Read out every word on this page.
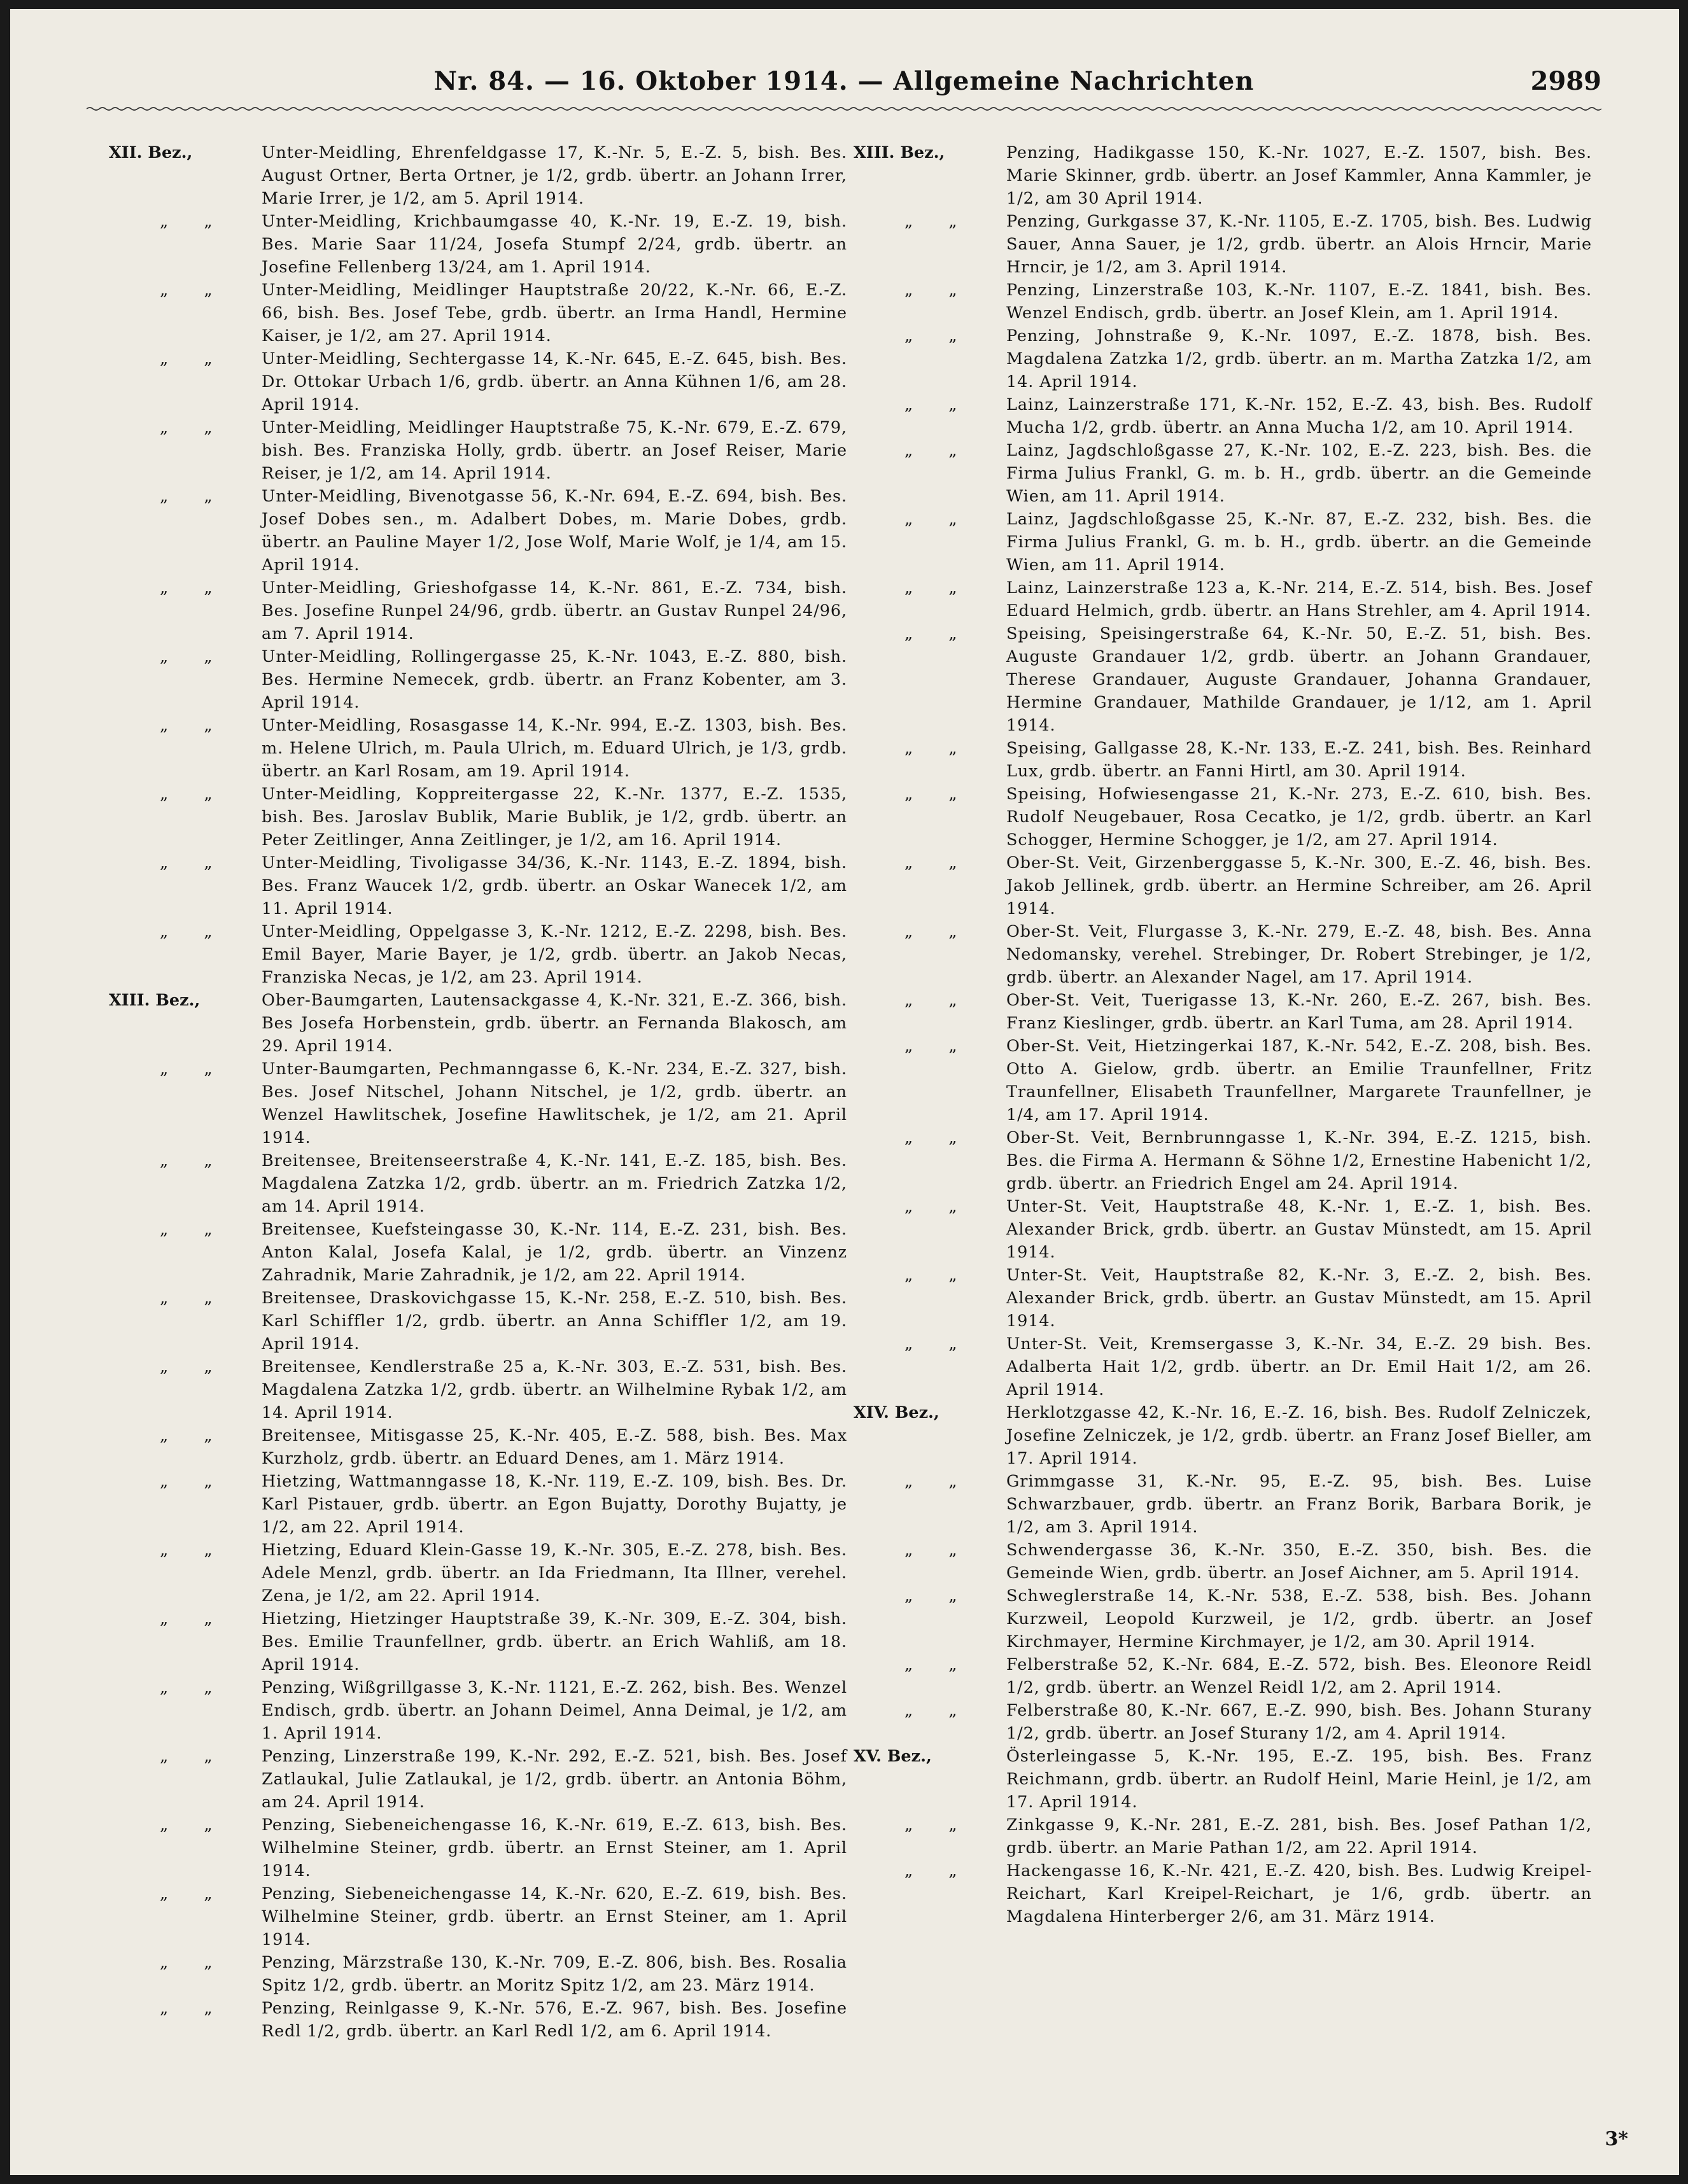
Nr. 84. — 16. Oktober 1914. — Allgemeine Nachrichten	2989
XII. Bez.,	Unter-Meidling, Ehrenfeldgasse 17, K.-Nr. 5, E.-Z. 5, bish. Bes. August Ortner, Berta Ortner, je 1/2, grdb. übertr. an Johann Irrer, Marie Irrer, je 1/2, am 5. April 1914.
„ „	Unter-Meidling, Krichbaumgasse 40, K.-Nr. 19, E.-Z. 19, bish. Bes. Marie Saar 11/24, Josefa Stumpf 2/24, grdb. übertr. an Josefine Fellenberg 13/24, am 1. April 1914.
„ „	Unter-Meidling, Meidlinger Hauptstraße 20/22, K.-Nr. 66, E.-Z. 66, bish. Bes. Josef Tebe, grdb. übertr. an Irma Handl, Hermine Kaiser, je 1/2, am 27. April 1914.
„ „	Unter-Meidling, Sechtergasse 14, K.-Nr. 645, E.-Z. 645, bish. Bes. Dr. Ottokar Urbach 1/6, grdb. übertr. an Anna Kühnen 1/6, am 28. April 1914.
„ „	Unter-Meidling, Meidlinger Hauptstraße 75, K.-Nr. 679, E.-Z. 679, bish. Bes. Franziska Holly, grdb. übertr. an Josef Reiser, Marie Reiser, je 1/2, am 14. April 1914.
„ „	Unter-Meidling, Bivenotgasse 56, K.-Nr. 694, E.-Z. 694, bish. Bes. Josef Dobes sen., m. Adalbert Dobes, m. Marie Dobes, grdb. übertr. an Pauline Mayer 1/2, Jose Wolf, Marie Wolf, je 1/4, am 15. April 1914.
„ „	Unter-Meidling, Grieshofgasse 14, K.-Nr. 861, E.-Z. 734, bish. Bes. Josefine Runpel 24/96, grdb. übertr. an Gustav Runpel 24/96, am 7. April 1914.
„ „	Unter-Meidling, Rollingergasse 25, K.-Nr. 1043, E.-Z. 880, bish. Bes. Hermine Nemecek, grdb. übertr. an Franz Kobenter, am 3. April 1914.
„ „	Unter-Meidling, Rosasgasse 14, K.-Nr. 994, E.-Z. 1303, bish. Bes. m. Helene Ulrich, m. Paula Ulrich, m. Eduard Ulrich, je 1/3, grdb. übertr. an Karl Rosam, am 19. April 1914.
„ „	Unter-Meidling, Koppreitergasse 22, K.-Nr. 1377, E.-Z. 1535, bish. Bes. Jaroslav Bublik, Marie Bublik, je 1/2, grdb. übertr. an Peter Zeitlinger, Anna Zeitlinger, je 1/2, am 16. April 1914.
„ „	Unter-Meidling, Tivoligasse 34/36, K.-Nr. 1143, E.-Z. 1894, bish. Bes. Franz Waucek 1/2, grdb. übertr. an Oskar Wanecek 1/2, am 11. April 1914.
„ „	Unter-Meidling, Oppelgasse 3, K.-Nr. 1212, E.-Z. 2298, bish. Bes. Emil Bayer, Marie Bayer, je 1/2, grdb. übertr. an Jakob Necas, Franziska Necas, je 1/2, am 23. April 1914.
XIII. Bez.,	Ober-Baumgarten, Lautensackgasse 4, K.-Nr. 321, E.-Z. 366, bish. Bes Josefa Horbenstein, grdb. übertr. an Fernanda Blakosch, am 29. April 1914.
„ „	Unter-Baumgarten, Pechmanngasse 6, K.-Nr. 234, E.-Z. 327, bish. Bes. Josef Nitschel, Johann Nitschel, je 1/2, grdb. übertr. an Wenzel Hawlitschek, Josefine Hawlitschek, je 1/2, am 21. April 1914.
„ „	Breitensee, Breitenseerstraße 4, K.-Nr. 141, E.-Z. 185, bish. Bes. Magdalena Zatzka 1/2, grdb. übertr. an m. Friedrich Zatzka 1/2, am 14. April 1914.
„ „	Breitensee, Kuefsteingasse 30, K.-Nr. 114, E.-Z. 231, bish. Bes. Anton Kalal, Josefa Kalal, je 1/2, grdb. übertr. an Vinzenz Zahradnik, Marie Zahradnik, je 1/2, am 22. April 1914.
„ „	Breitensee, Draskovichgasse 15, K.-Nr. 258, E.-Z. 510, bish. Bes. Karl Schiffler 1/2, grdb. übertr. an Anna Schiffler 1/2, am 19. April 1914.
„ „	Breitensee, Kendlerstraße 25 a, K.-Nr. 303, E.-Z. 531, bish. Bes. Magdalena Zatzka 1/2, grdb. übertr. an Wilhelmine Rybak 1/2, am 14. April 1914.
„ „	Breitensee, Mitisgasse 25, K.-Nr. 405, E.-Z. 588, bish. Bes. Max Kurzholz, grdb. übertr. an Eduard Denes, am 1. März 1914.
„ „	Hietzing, Wattmanngasse 18, K.-Nr. 119, E.-Z. 109, bish. Bes. Dr. Karl Pistauer, grdb. übertr. an Egon Bujatty, Dorothy Bujatty, je 1/2, am 22. April 1914.
„ „	Hietzing, Eduard Klein-Gasse 19, K.-Nr. 305, E.-Z. 278, bish. Bes. Adele Menzl, grdb. übertr. an Ida Friedmann, Ita Illner, verehel. Zena, je 1/2, am 22. April 1914.
„ „	Hietzing, Hietzinger Hauptstraße 39, K.-Nr. 309, E.-Z. 304, bish. Bes. Emilie Traunfellner, grdb. übertr. an Erich Wahliß, am 18. April 1914.
„ „	Penzing, Wißgrillgasse 3, K.-Nr. 1121, E.-Z. 262, bish. Bes. Wenzel Endisch, grdb. übertr. an Johann Deimel, Anna Deimal, je 1/2, am 1. April 1914.
„ „	Penzing, Linzerstraße 199, K.-Nr. 292, E.-Z. 521, bish. Bes. Josef Zatlaukal, Julie Zatlaukal, je 1/2, grdb. übertr. an Antonia Böhm, am 24. April 1914.
„ „	Penzing, Siebeneichengasse 16, K.-Nr. 619, E.-Z. 613, bish. Bes. Wilhelmine Steiner, grdb. übertr. an Ernst Steiner, am 1. April 1914.
„ „	Penzing, Siebeneichengasse 14, K.-Nr. 620, E.-Z. 619, bish. Bes. Wilhelmine Steiner, grdb. übertr. an Ernst Steiner, am 1. April 1914.
„ „	Penzing, Märzstraße 130, K.-Nr. 709, E.-Z. 806, bish. Bes. Rosalia Spitz 1/2, grdb. übertr. an Moritz Spitz 1/2, am 23. März 1914.
„ „	Penzing, Reinlgasse 9, K.-Nr. 576, E.-Z. 967, bish. Bes. Josefine Redl 1/2, grdb. übertr. an Karl Redl 1/2, am 6. April 1914.
XIII. Bez.,	Penzing, Hadikgasse 150, K.-Nr. 1027, E.-Z. 1507, bish. Bes. Marie Skinner, grdb. übertr. an Josef Kammler, Anna Kammler, je 1/2, am 30 April 1914.
„ „	Penzing, Gurkgasse 37, K.-Nr. 1105, E.-Z. 1705, bish. Bes. Ludwig Sauer, Anna Sauer, je 1/2, grdb. übertr. an Alois Hrncir, Marie Hrncir, je 1/2, am 3. April 1914.
„ „	Penzing, Linzerstraße 103, K.-Nr. 1107, E.-Z. 1841, bish. Bes. Wenzel Endisch, grdb. übertr. an Josef Klein, am 1. April 1914.
„ „	Penzing, Johnstraße 9, K.-Nr. 1097, E.-Z. 1878, bish. Bes. Magdalena Zatzka 1/2, grdb. übertr. an m. Martha Zatzka 1/2, am 14. April 1914.
„ „	Lainz, Lainzerstraße 171, K.-Nr. 152, E.-Z. 43, bish. Bes. Rudolf Mucha 1/2, grdb. übertr. an Anna Mucha 1/2, am 10. April 1914.
„ „	Lainz, Jagdschloßgasse 27, K.-Nr. 102, E.-Z. 223, bish. Bes. die Firma Julius Frankl, G. m. b. H., grdb. übertr. an die Gemeinde Wien, am 11. April 1914.
„ „	Lainz, Jagdschloßgasse 25, K.-Nr. 87, E.-Z. 232, bish. Bes. die Firma Julius Frankl, G. m. b. H., grdb. übertr. an die Gemeinde Wien, am 11. April 1914.
„ „	Lainz, Lainzerstraße 123 a, K.-Nr. 214, E.-Z. 514, bish. Bes. Josef Eduard Helmich, grdb. übertr. an Hans Strehler, am 4. April 1914.
„ „	Speising, Speisingerstraße 64, K.-Nr. 50, E.-Z. 51, bish. Bes. Auguste Grandauer 1/2, grdb. übertr. an Johann Grandauer, Therese Grandauer, Auguste Grandauer, Johanna Grandauer, Hermine Grandauer, Mathilde Grandauer, je 1/12, am 1. April 1914.
„ „	Speising, Gallgasse 28, K.-Nr. 133, E.-Z. 241, bish. Bes. Reinhard Lux, grdb. übertr. an Fanni Hirtl, am 30. April 1914.
„ „	Speising, Hofwiesengasse 21, K.-Nr. 273, E.-Z. 610, bish. Bes. Rudolf Neugebauer, Rosa Cecatko, je 1/2, grdb. übertr. an Karl Schogger, Hermine Schogger, je 1/2, am 27. April 1914.
„ „	Ober-St. Veit, Girzenberggasse 5, K.-Nr. 300, E.-Z. 46, bish. Bes. Jakob Jellinek, grdb. übertr. an Hermine Schreiber, am 26. April 1914.
„ „	Ober-St. Veit, Flurgasse 3, K.-Nr. 279, E.-Z. 48, bish. Bes. Anna Nedomansky, verehel. Strebinger, Dr. Robert Strebinger, je 1/2, grdb. übertr. an Alexander Nagel, am 17. April 1914.
„ „	Ober-St. Veit, Tuerigasse 13, K.-Nr. 260, E.-Z. 267, bish. Bes. Franz Kieslinger, grdb. übertr. an Karl Tuma, am 28. April 1914.
„ „	Ober-St. Veit, Hietzingerkai 187, K.-Nr. 542, E.-Z. 208, bish. Bes. Otto A. Gielow, grdb. übertr. an Emilie Traunfellner, Fritz Traunfellner, Elisabeth Traunfellner, Margarete Traunfellner, je 1/4, am 17. April 1914.
„ „	Ober-St. Veit, Bernbrunngasse 1, K.-Nr. 394, E.-Z. 1215, bish. Bes. die Firma A. Hermann & Söhne 1/2, Ernestine Habenicht 1/2, grdb. übertr. an Friedrich Engel am 24. April 1914.
„ „	Unter-St. Veit, Hauptstraße 48, K.-Nr. 1, E.-Z. 1, bish. Bes. Alexander Brick, grdb. übertr. an Gustav Münstedt, am 15. April 1914.
„ „	Unter-St. Veit, Hauptstraße 82, K.-Nr. 3, E.-Z. 2, bish. Bes. Alexander Brick, grdb. übertr. an Gustav Münstedt, am 15. April 1914.
„ „	Unter-St. Veit, Kremsergasse 3, K.-Nr. 34, E.-Z. 29 bish. Bes. Adalberta Hait 1/2, grdb. übertr. an Dr. Emil Hait 1/2, am 26. April 1914.
XIV. Bez.,	Herklotzgasse 42, K.-Nr. 16, E.-Z. 16, bish. Bes. Rudolf Zelniczek, Josefine Zelniczek, je 1/2, grdb. übertr. an Franz Josef Bieller, am 17. April 1914.
„ „	Grimmgasse 31, K.-Nr. 95, E.-Z. 95, bish. Bes. Luise Schwarzbauer, grdb. übertr. an Franz Borik, Barbara Borik, je 1/2, am 3. April 1914.
„ „	Schwendergasse 36, K.-Nr. 350, E.-Z. 350, bish. Bes. die Gemeinde Wien, grdb. übertr. an Josef Aichner, am 5. April 1914.
„ „	Schweglerstraße 14, K.-Nr. 538, E.-Z. 538, bish. Bes. Johann Kurzweil, Leopold Kurzweil, je 1/2, grdb. übertr. an Josef Kirchmayer, Hermine Kirchmayer, je 1/2, am 30. April 1914.
„ „	Felberstraße 52, K.-Nr. 684, E.-Z. 572, bish. Bes. Eleonore Reidl 1/2, grdb. übertr. an Wenzel Reidl 1/2, am 2. April 1914.
„ „	Felberstraße 80, K.-Nr. 667, E.-Z. 990, bish. Bes. Johann Sturany 1/2, grdb. übertr. an Josef Sturany 1/2, am 4. April 1914.
XV. Bez.,	Österleingasse 5, K.-Nr. 195, E.-Z. 195, bish. Bes. Franz Reichmann, grdb. übertr. an Rudolf Heinl, Marie Heinl, je 1/2, am 17. April 1914.
„ „	Zinkgasse 9, K.-Nr. 281, E.-Z. 281, bish. Bes. Josef Pathan 1/2, grdb. übertr. an Marie Pathan 1/2, am 22. April 1914.
„ „	Hackengasse 16, K.-Nr. 421, E.-Z. 420, bish. Bes. Ludwig Kreipel-Reichart, Karl Kreipel-Reichart, je 1/6, grdb. übertr. an Magdalena Hinterberger 2/6, am 31. März 1914.
3*
